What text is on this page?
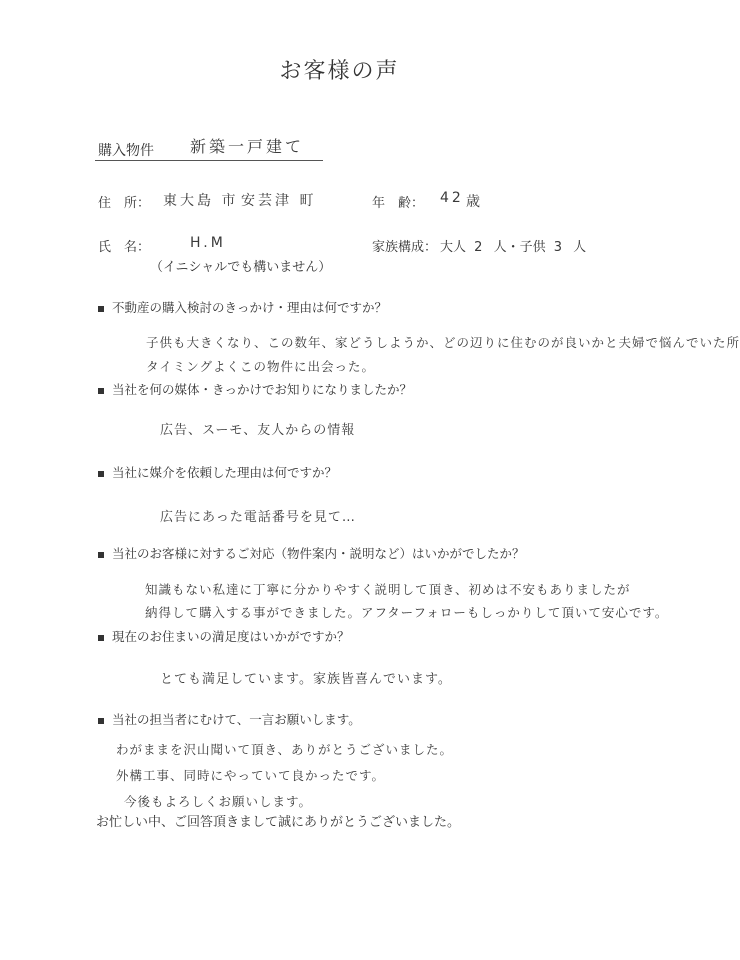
お客様の声
購入物件 新築一戸建て
住　所： 東大島 市 安芸津 町	年　齢： 42 歳
氏　名：	H.M
（イニシャルでも構いません）
家族構成： 大人 2 人・子供 3 人
不動産の購入検討のきっかけ・理由は何ですか？
子供も大きくなり、この数年、家どうしようか、どの辺りに住むのが良いかと夫婦で悩んでいた所
タイミングよくこの物件に出会った。
当社を何の媒体・きっかけでお知りになりましたか？
広告、スーモ、友人からの情報
当社に媒介を依頼した理由は何ですか？
広告にあった電話番号を見て…
当社のお客様に対するご対応（物件案内・説明など）はいかがでしたか？
知識もない私達に丁寧に分かりやすく説明して頂き、初めは不安もありましたが
納得して購入する事ができました。アフターフォローもしっかりして頂いて安心です。
現在のお住まいの満足度はいかがですか？
とても満足しています。家族皆喜んでいます。
当社の担当者にむけて、一言お願いします。
わがままを沢山聞いて頂き、ありがとうございました。
外構工事、同時にやっていて良かったです。
今後もよろしくお願いします。
お忙しい中、ご回答頂きまして誠にありがとうございました。
